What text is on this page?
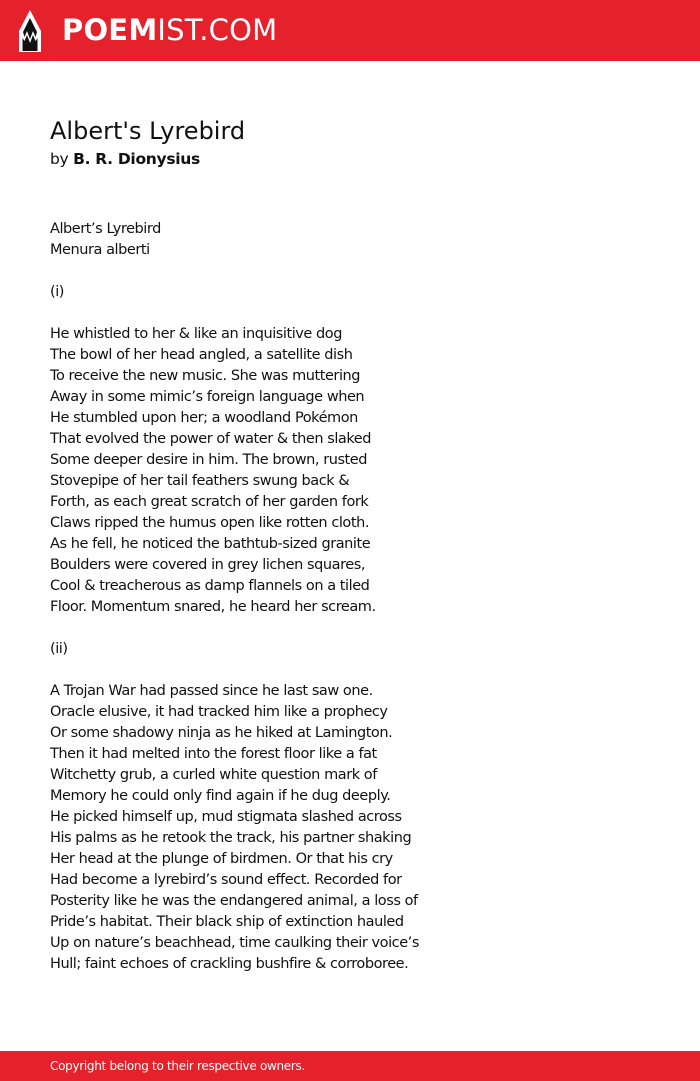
POEMIST.COM
Albert's Lyrebird
by B. R. Dionysius
Albert’s Lyrebird
Menura alberti
(i)
He whistled to her & like an inquisitive dog
The bowl of her head angled, a satellite dish
To receive the new music. She was muttering
Away in some mimic’s foreign language when
He stumbled upon her; a woodland Pokémon
That evolved the power of water & then slaked
Some deeper desire in him. The brown, rusted
Stovepipe of her tail feathers swung back &
Forth, as each great scratch of her garden fork
Claws ripped the humus open like rotten cloth.
As he fell, he noticed the bathtub-sized granite
Boulders were covered in grey lichen squares,
Cool & treacherous as damp flannels on a tiled
Floor. Momentum snared, he heard her scream.
(ii)
A Trojan War had passed since he last saw one.
Oracle elusive, it had tracked him like a prophecy
Or some shadowy ninja as he hiked at Lamington.
Then it had melted into the forest floor like a fat
Witchetty grub, a curled white question mark of
Memory he could only find again if he dug deeply.
He picked himself up, mud stigmata slashed across
His palms as he retook the track, his partner shaking
Her head at the plunge of birdmen. Or that his cry
Had become a lyrebird’s sound effect. Recorded for
Posterity like he was the endangered animal, a loss of
Pride’s habitat. Their black ship of extinction hauled
Up on nature’s beachhead, time caulking their voice’s
Hull; faint echoes of crackling bushfire & corroboree.
Copyright belong to their respective owners.
